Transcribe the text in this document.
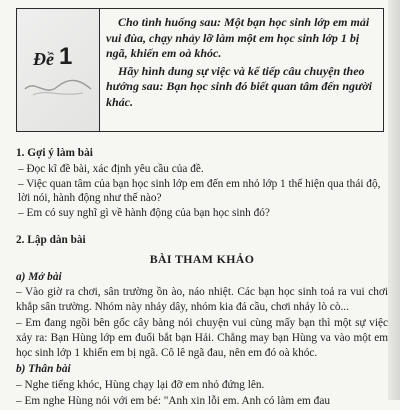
Đề 1

Cho tình huống sau: Một bạn học sinh lớp em mải vui đùa, chạy nhảy lỡ làm một em học sinh lớp 1 bị ngã, khiến em oà khóc.

Hãy hình dung sự việc và kể tiếp câu chuyện theo hướng sau: Bạn học sinh đó biết quan tâm đến người khác.

1. Gợi ý làm bài

– Đọc kĩ đề bài, xác định yêu cầu của đề.

– Việc quan tâm của bạn học sinh lớp em đến em nhỏ lớp 1 thể hiện qua thái độ, lời nói, hành động như thế nào?

– Em có suy nghĩ gì về hành động của bạn học sinh đó?

2. Lập dàn bài
BÀI THAM KHẢO
a) Mở bài

– Vào giờ ra chơi, sân trường ồn ào, náo nhiệt. Các bạn học sinh toả ra vui chơi khắp sân trường. Nhóm này nhảy dây, nhóm kia đá cầu, chơi nhảy lò cò...

– Em đang ngồi bên gốc cây bàng nói chuyện vui cùng mấy bạn thì một sự việc xảy ra: Bạn Hùng lớp em đuổi bắt bạn Hải. Chẳng may bạn Hùng va vào một em học sinh lớp 1 khiến em bị ngã. Cô lê ngã đau, nên em đó oà khóc.

b) Thân bài

– Nghe tiếng khóc, Hùng chạy lại đỡ em nhỏ đứng lên.

– Em nghe Hùng nói với em bé: "Anh xin lỗi em. Anh có làm em đau
